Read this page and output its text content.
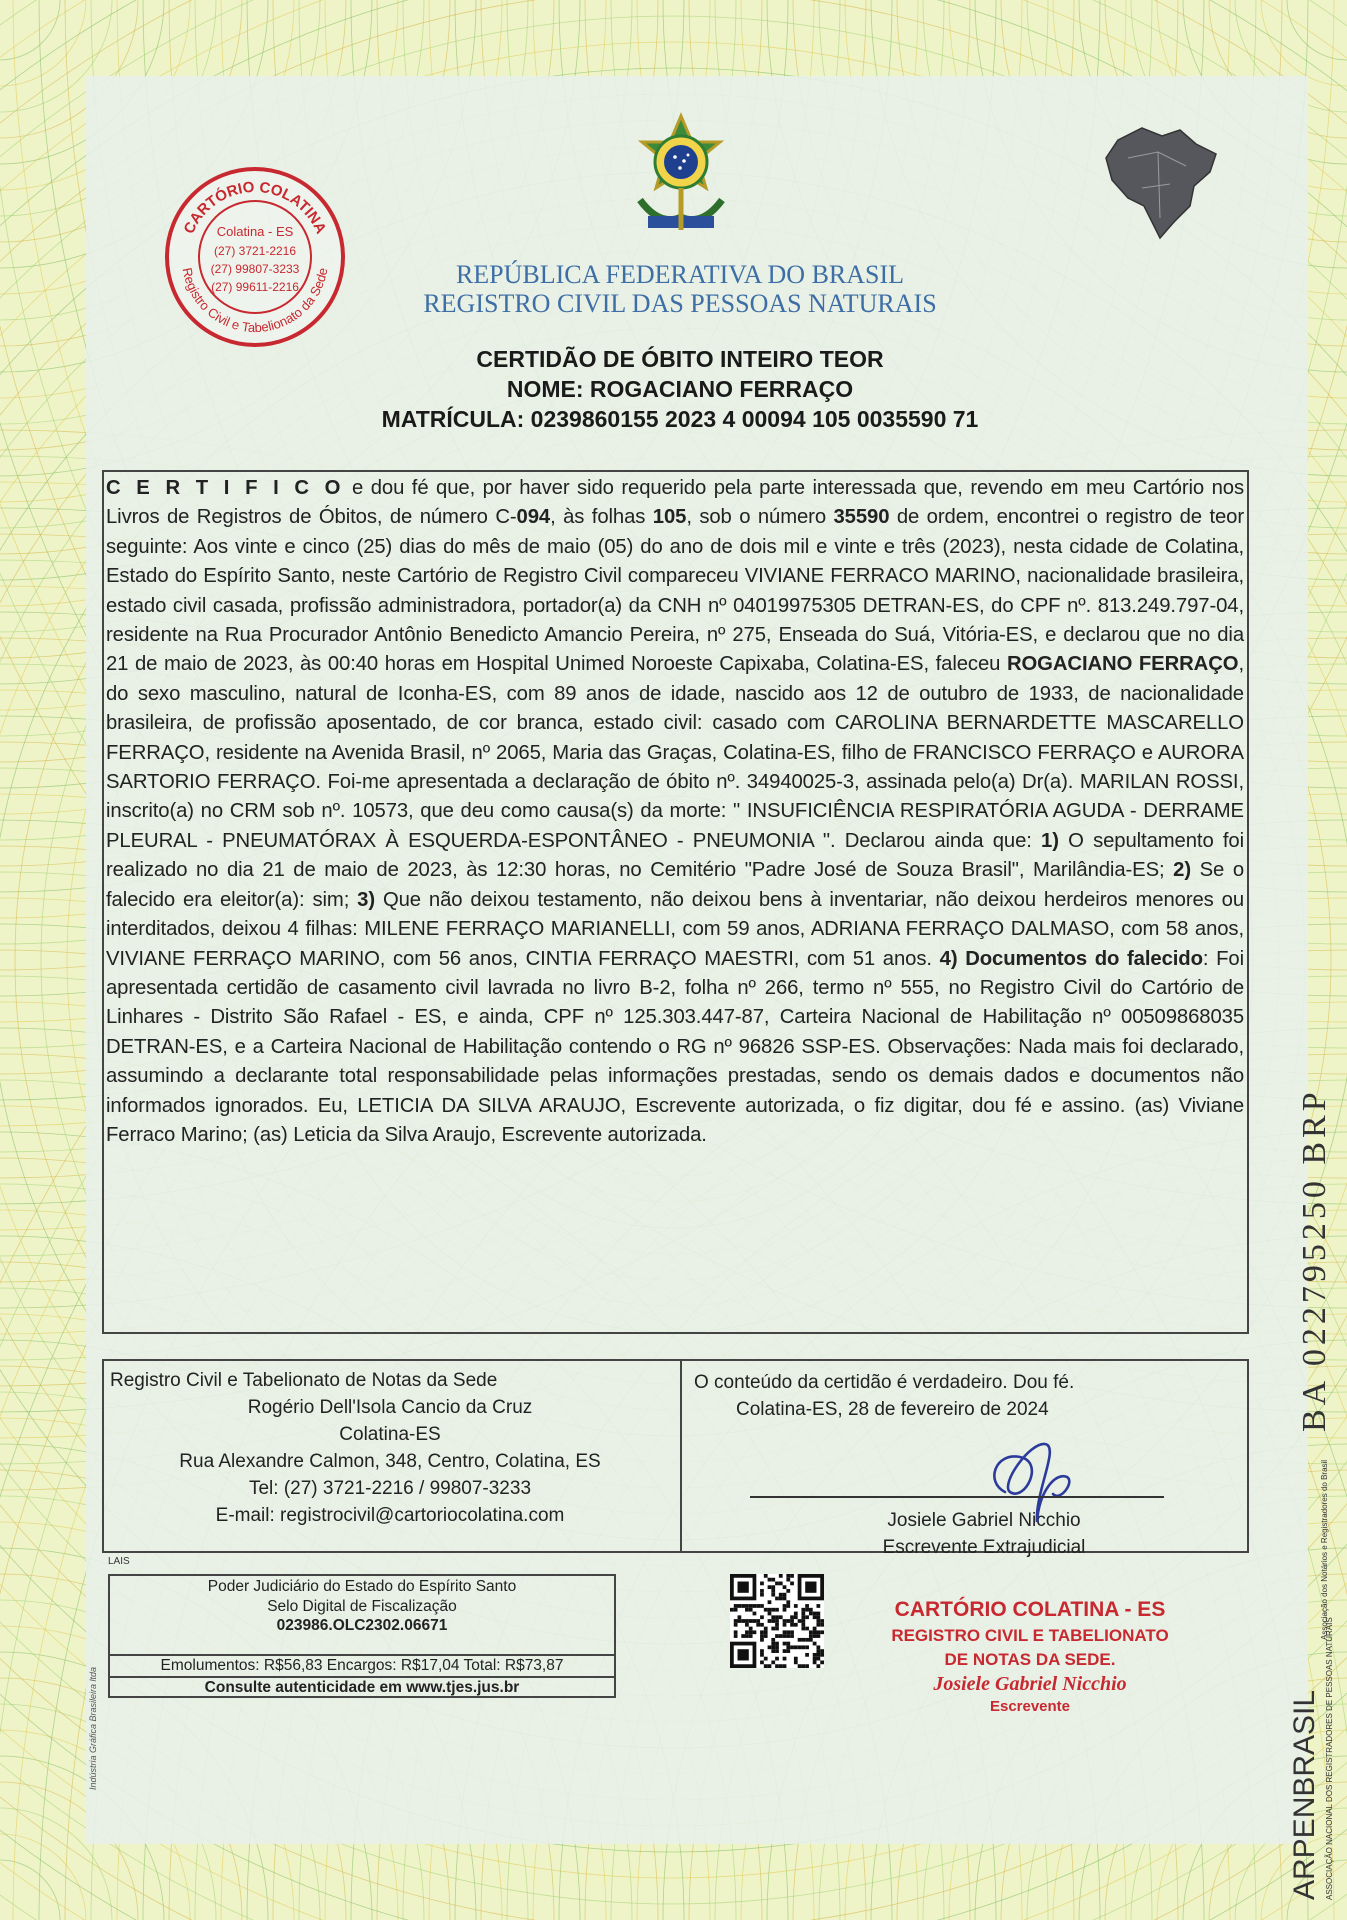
CARTÓRIO COLATINA
Registro Civil e Tabelionato da Sede
Colatina - ES
(27) 3721-2216
(27) 99807-3233
(27) 99611-2216	REPÚBLICA FEDERATIVA DO BRASIL
REGISTRO CIVIL DAS PESSOAS NATURAIS
CERTIDÃO DE ÓBITO INTEIRO TEOR
NOME: ROGACIANO FERRAÇO
MATRÍCULA: 0239860155 2023 4 00094 105 0035590 71
C E R T I F I C O e dou fé que, por haver sido requerido pela parte interessada que, revendo em meu Cartório nos Livros de Registros de Óbitos, de número C-094, às folhas 105, sob o número 35590 de ordem, encontrei o registro de teor seguinte: Aos vinte e cinco (25) dias do mês de maio (05) do ano de dois mil e vinte e três (2023), nesta cidade de Colatina, Estado do Espírito Santo, neste Cartório de Registro Civil compareceu VIVIANE FERRACO MARINO, nacionalidade brasileira, estado civil casada, profissão administradora, portador(a) da CNH nº 04019975305 DETRAN-ES, do CPF nº. 813.249.797-04, residente na Rua Procurador Antônio Benedicto Amancio Pereira, nº 275, Enseada do Suá, Vitória-ES, e declarou que no dia 21 de maio de 2023, às 00:40 horas em Hospital Unimed Noroeste Capixaba, Colatina-ES, faleceu ROGACIANO FERRAÇO, do sexo masculino, natural de Iconha-ES, com 89 anos de idade, nascido aos 12 de outubro de 1933, de nacionalidade brasileira, de profissão aposentado, de cor branca, estado civil: casado com CAROLINA BERNARDETTE MASCARELLO FERRAÇO, residente na Avenida Brasil, nº 2065, Maria das Graças, Colatina-ES, filho de FRANCISCO FERRAÇO e AURORA SARTORIO FERRAÇO. Foi-me apresentada a declaração de óbito nº. 34940025-3, assinada pelo(a) Dr(a). MARILAN ROSSI, inscrito(a) no CRM sob nº. 10573, que deu como causa(s) da morte: " INSUFICIÊNCIA RESPIRATÓRIA AGUDA - DERRAME PLEURAL - PNEUMATÓRAX À ESQUERDA-ESPONTÂNEO - PNEUMONIA ". Declarou ainda que: 1) O sepultamento foi realizado no dia 21 de maio de 2023, às 12:30 horas, no Cemitério "Padre José de Souza Brasil", Marilândia-ES; 2) Se o falecido era eleitor(a): sim; 3) Que não deixou testamento, não deixou bens à inventariar, não deixou herdeiros menores ou interditados, deixou 4 filhas: MILENE FERRAÇO MARIANELLI, com 59 anos, ADRIANA FERRAÇO DALMASO, com 58 anos, VIVIANE FERRAÇO MARINO, com 56 anos, CINTIA FERRAÇO MAESTRI, com 51 anos. 4) Documentos do falecido: Foi apresentada certidão de casamento civil lavrada no livro B-2, folha nº 266, termo nº 555, no Registro Civil do Cartório de Linhares - Distrito São Rafael - ES, e ainda, CPF nº 125.303.447-87, Carteira Nacional de Habilitação nº 00509868035 DETRAN-ES, e a Carteira Nacional de Habilitação contendo o RG nº 96826 SSP-ES. Observações: Nada mais foi declarado, assumindo a declarante total responsabilidade pelas informações prestadas, sendo os demais dados e documentos não informados ignorados. Eu, LETICIA DA SILVA ARAUJO, Escrevente autorizada, o fiz digitar, dou fé e assino. (as) Viviane Ferraco Marino; (as) Leticia da Silva Araujo, Escrevente autorizada.
Registro Civil e Tabelionato de Notas da Sede
Rogério Dell'Isola Cancio da Cruz
Colatina-ES
Rua Alexandre Calmon, 348, Centro, Colatina, ES
Tel: (27) 3721-2216 / 99807-3233
E-mail: registrocivil@cartoriocolatina.com
O conteúdo da certidão é verdadeiro. Dou fé.
Colatina-ES, 28 de fevereiro de 2024
Josiele Gabriel Nicchio
Escrevente Extrajudicial
LAIS
Poder Judiciário do Estado do Espírito Santo
Selo Digital de Fiscalização
023986.OLC2302.06671
Emolumentos: R$56,83 Encargos: R$17,04 Total: R$73,87
Consulte autenticidade em www.tjes.jus.br
CARTÓRIO COLATINA - ES
REGISTRO CIVIL E TABELIONATO
DE NOTAS DA SEDE.
Josiele Gabriel Nicchio
Escrevente
BA 022795250 BRP
ARPENBRASIL ASSOCIAÇÃO NACIONAL DOS REGISTRADORES DE PESSOAS NATURAIS
Associação dos Notários e Registradores do Brasil
Indústria Gráfica Brasileira ltda
